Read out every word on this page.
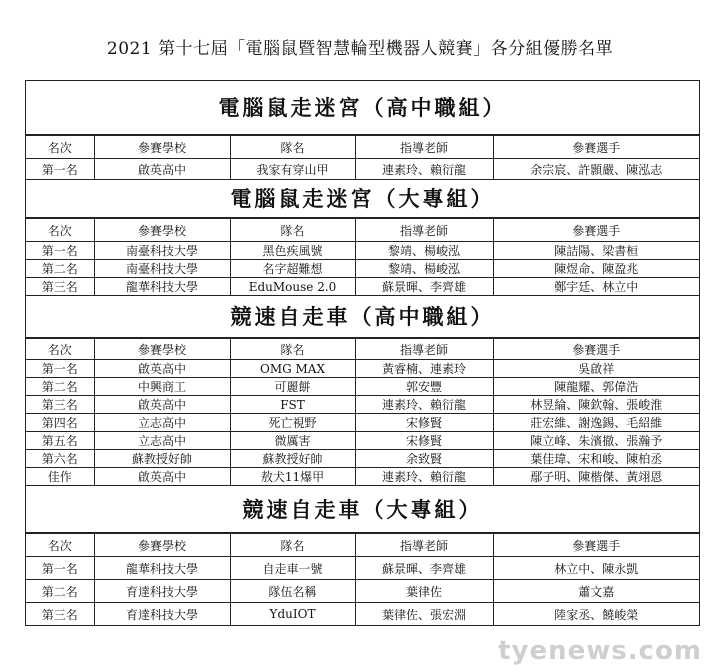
2021 第十七屆「電腦鼠暨智慧輪型機器人競賽」各分組優勝名單
電腦鼠走迷宮（高中職組）
名次	參賽學校	隊名	指導老師	參賽選手
第一名	啟英高中	我家有穿山甲	連素玲、賴衍龍	余宗宸、許顥嚴、陳泓志
電腦鼠走迷宮（大專組）
名次	參賽學校	隊名	指導老師	參賽選手
第一名	南臺科技大學	黑色疾風號	黎靖、楊峻泓	陳詰陽、梁書桓
第二名	南臺科技大學	名字超難想	黎靖、楊峻泓	陳煜命、陳盈兆
第三名	龍華科技大學	EduMouse 2.0	蘇景暉、李齊雄	鄭宇廷、林立中
競速自走車（高中職組）
名次	參賽學校	隊名	指導老師	參賽選手
第一名	啟英高中	OMG MAX	黃睿楠、連素玲	吳啟祥
第二名	中興商工	可麗餅	郭安豐	陳龍耀、郭偉浩
第三名	啟英高中	FST	連素玲、賴衍龍	林昱綸、陳欽翰、張峻淮
第四名	立志高中	死亡視野	宋修賢	莊宏維、謝逸錫、毛紹維
第五名	立志高中	微厲害	宋修賢	陳立峰、朱濱撤、張瀚予
第六名	蘇教授好帥	蘇教授好帥	余致賢	葉佳瑋、宋和峻、陳柏丞
佳作	啟英高中	敖犬11爆甲	連素玲、賴衍龍	鄢子明、陳楷傑、黃翊恩
競速自走車（大專組）
名次	參賽學校	隊名	指導老師	參賽選手
第一名	龍華科技大學	自走車一號	蘇景暉、李齊雄	林立中、陳永凱
第二名	育達科技大學	隊伍名稱	葉律佐	蕭文嘉
第三名	育達科技大學	YduIOT	葉律佐、張宏淵	陸家丞、饒峻榮
tyenews.com
